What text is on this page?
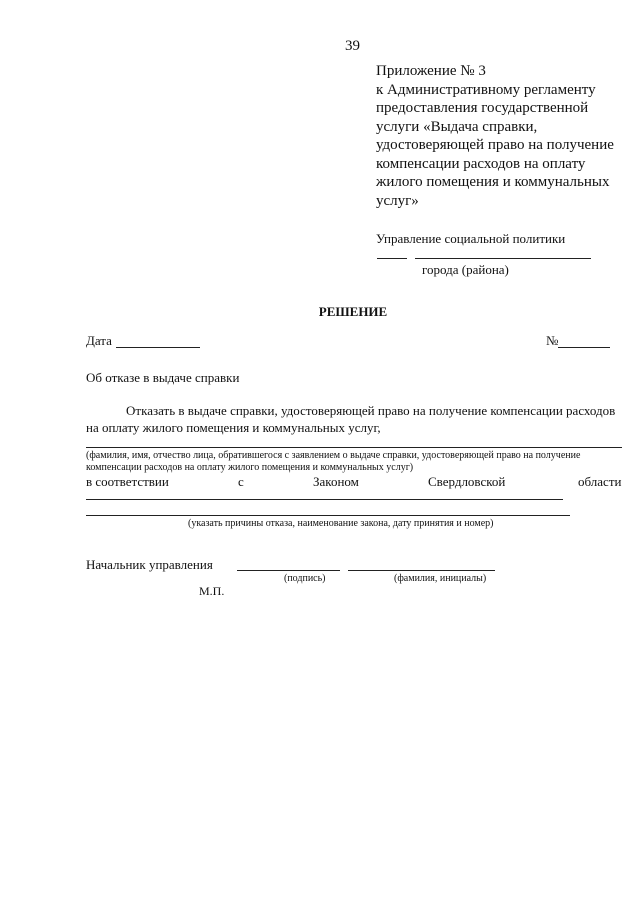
39
Приложение № 3
к Административному регламенту
предоставления государственной
услуги «Выдача справки,
удостоверяющей право на получение
компенсации расходов на оплату
жилого помещения и коммунальных
услуг»
Управление социальной политики
города (района)
РЕШЕНИЕ
Дата	№
Об отказе в выдаче справки
Отказать в выдаче справки, удостоверяющей право на получение компенсации расходов
на оплату жилого помещения и коммунальных услуг,
(фамилия, имя, отчество лица, обратившегося с заявлением о выдаче справки, удостоверяющей право на получение
компенсации расходов на оплату жилого помещения и коммунальных услуг)
в соответствии	с	Законом	Свердловской	области
(указать причины отказа, наименование закона, дату принятия и номер)
Начальник управления
(подпись)	(фамилия, инициалы)
М.П.
